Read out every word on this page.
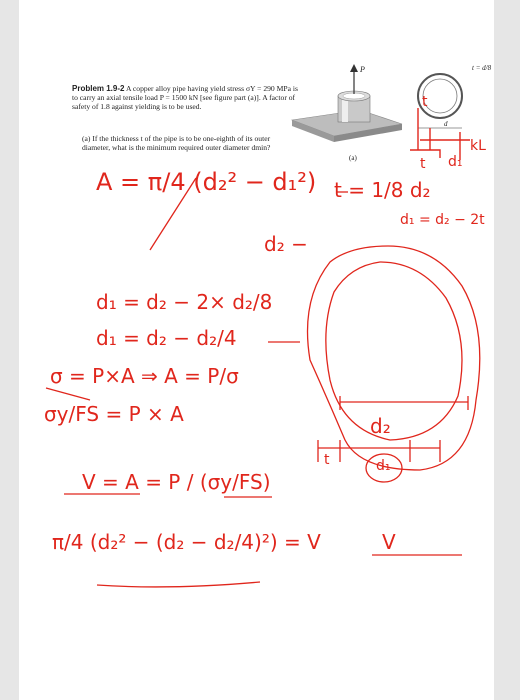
Problem 1.9-2 A copper alloy pipe having yield stress σY = 290 MPa is to carry an axial tensile load P = 1500 kN [see figure part (a)]. A factor of safety of 1.8 against yielding is to be used.

(a) If the thickness t of the pipe is to be one-eighth of its outer diameter, what is the minimum required outer diameter dmin?
P
(a)
t = d/8
d
A = π/4 (d₂² − d₁²) t = 1/8 d₂
d₁ = d₂ − 2t
d₂ −
d₁ = d₂ − 2× d₂/8
d₁ = d₂ − d₂/4
σ = P×A ⇒ A = P/σ
σy/FS = P × A
V = A = P / (σy/FS)
π/4 (d₂² − (d₂ − d₂/4)²) = V	V
d₂
d₁
t
t
d₁
t
kL
